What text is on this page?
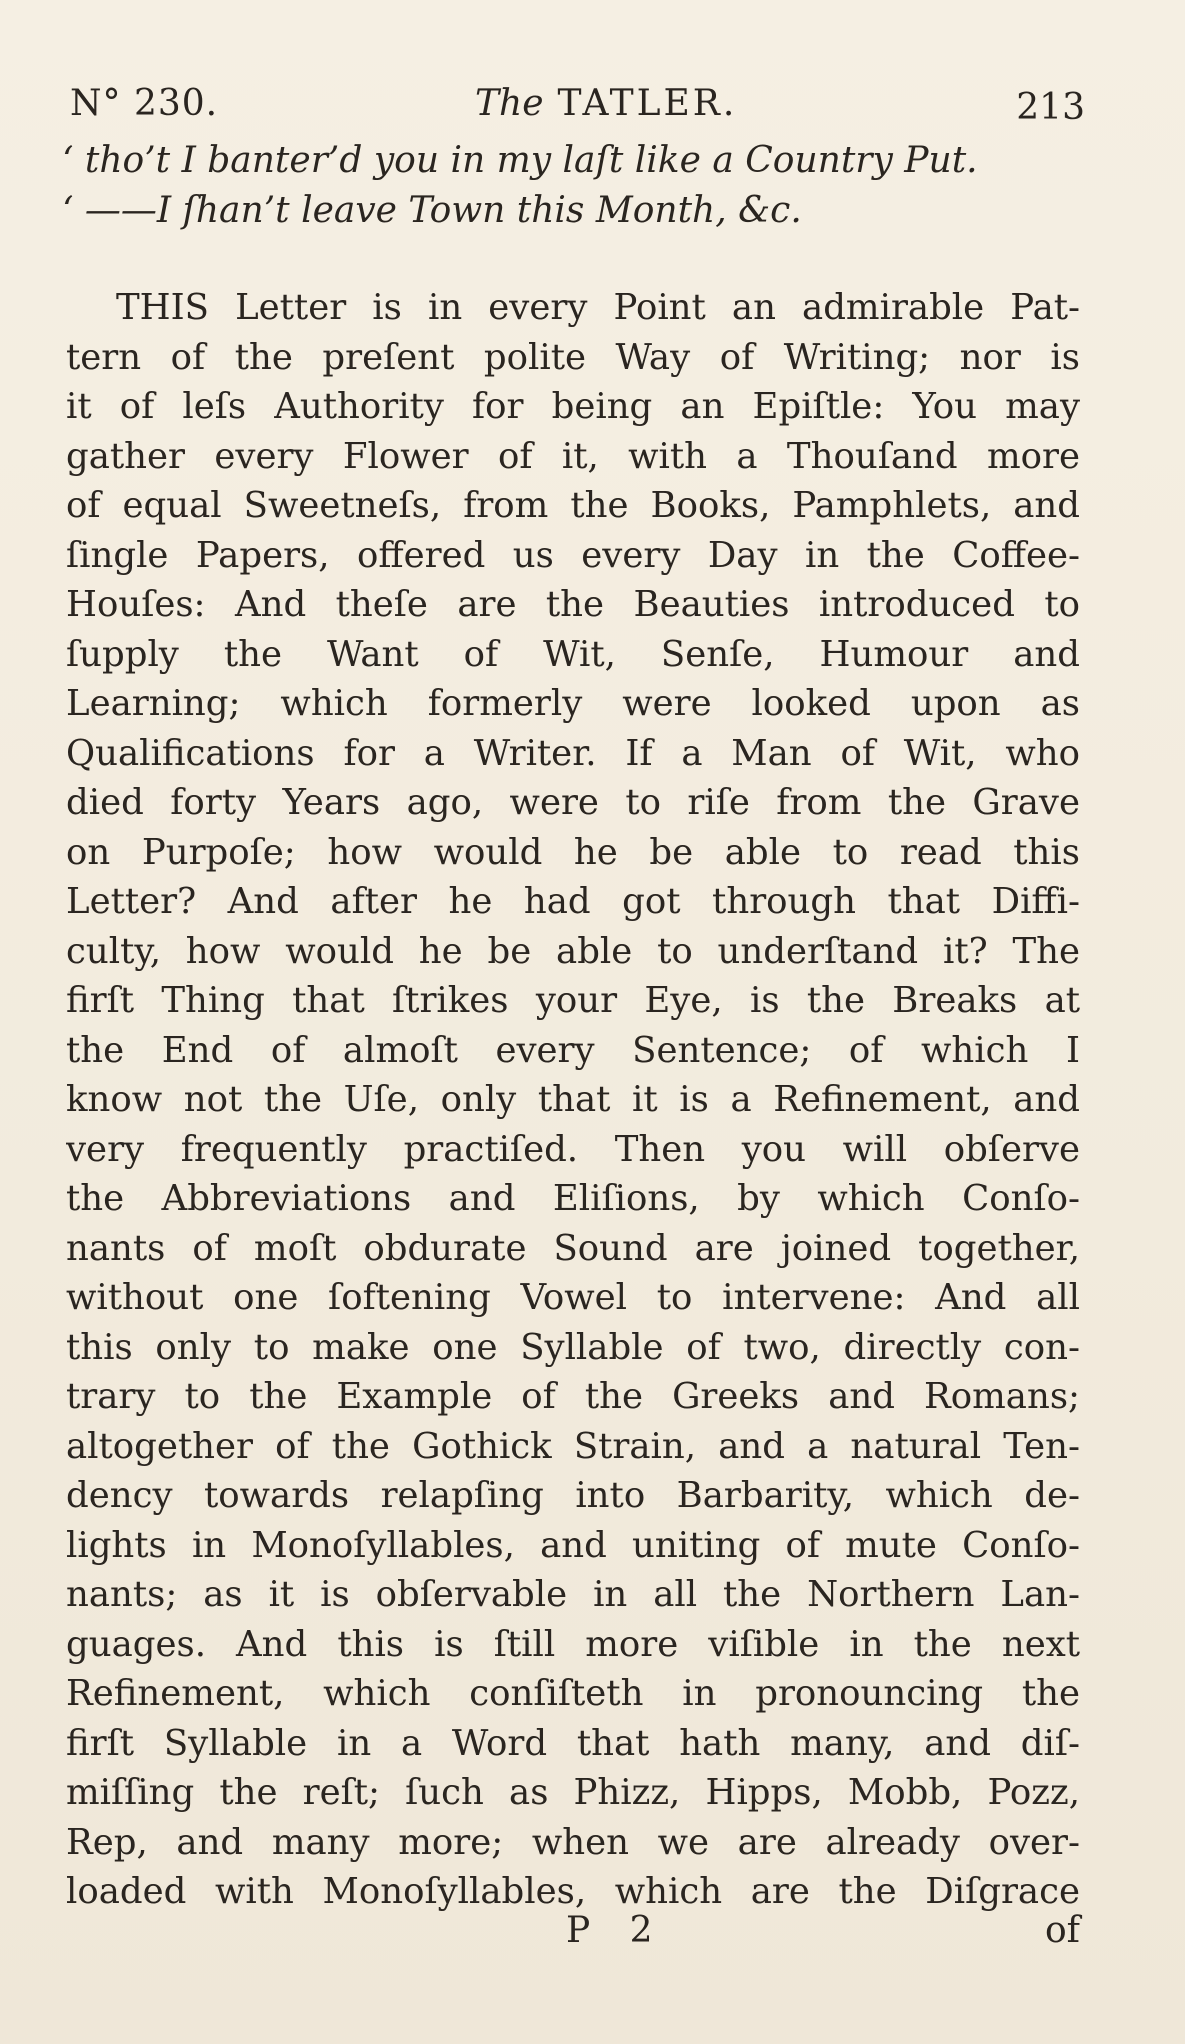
N° 230.	The TATLER.	213
‘ tho’t I banter’d you in my laſt like a Country Put.
‘ ——I ſhan’t leave Town this Month, &c.
THIS Letter is in every Point an admirable Pat-
tern of the preſent polite Way of Writing; nor is
it of leſs Authority for being an Epiſtle: You may
gather every Flower of it, with a Thouſand more
of equal Sweetneſs, from the Books, Pamphlets, and
ſingle Papers, offered us every Day in the Coffee-
Houſes: And theſe are the Beauties introduced to
ſupply the Want of Wit, Senſe, Humour and
Learning; which formerly were looked upon as
Qualifications for a Writer. If a Man of Wit, who
died forty Years ago, were to riſe from the Grave
on Purpoſe; how would he be able to read this
Letter? And after he had got through that Diffi-
culty, how would he be able to underſtand it? The
firſt Thing that ſtrikes your Eye, is the Breaks at
the End of almoſt every Sentence; of which I
know not the Uſe, only that it is a Refinement, and
very frequently practiſed. Then you will obſerve
the Abbreviations and Eliſions, by which Conſo-
nants of moſt obdurate Sound are joined together,
without one ſoftening Vowel to intervene: And all
this only to make one Syllable of two, directly con-
trary to the Example of the Greeks and Romans;
altogether of the Gothick Strain, and a natural Ten-
dency towards relapſing into Barbarity, which de-
lights in Monoſyllables, and uniting of mute Conſo-
nants; as it is obſervable in all the Northern Lan-
guages. And this is ſtill more viſible in the next
Refinement, which conſiſteth in pronouncing the
firſt Syllable in a Word that hath many, and diſ-
miſſing the reſt; ſuch as Phizz, Hipps, Mobb, Pozz,
Rep, and many more; when we are already over-
loaded with Monoſyllables, which are the Diſgrace
P 2	of
